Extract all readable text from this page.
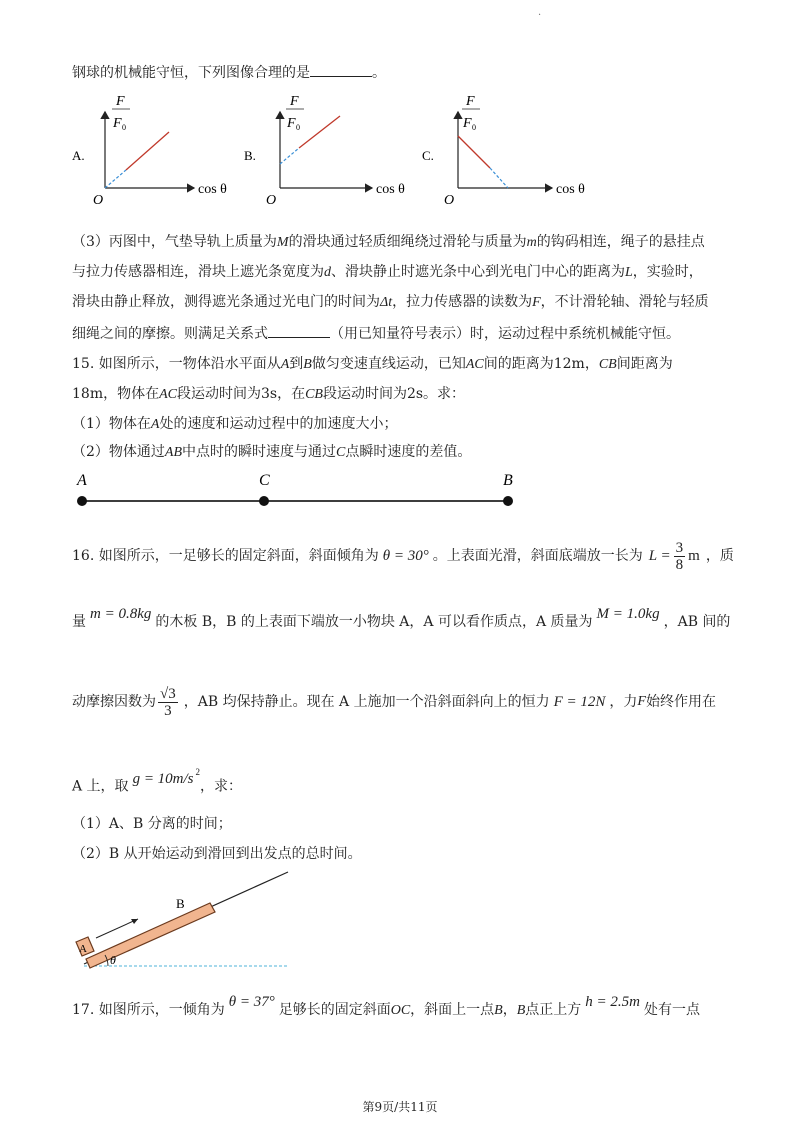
·
钢球的机械能守恒，下列图像合理的是	。
A.
F
F 0
O
cos θ
B.
F
F 0
O
cos θ
C.
F
F 0
O
cos θ
（3）丙图中，气垫导轨上质量为M的滑块通过轻质细绳绕过滑轮与质量为m的钩码相连，绳子的悬挂点
与拉力传感器相连，滑块上遮光条宽度为d、滑块静止时遮光条中心到光电门中心的距离为L，实验时，
滑块由静止释放，测得遮光条通过光电门的时间为Δt，拉力传感器的读数为F，不计滑轮轴、滑轮与轻质
细绳之间的摩擦。则满足关系式	（用已知量符号表示）时，运动过程中系统机械能守恒。
15. 如图所示，一物体沿水平面从A到B做匀变速直线运动，已知AC间的距离为12m，CB间距离为
18m，物体在AC段运动时间为3s，在CB段运动时间为2s。求：
（1）物体在A处的速度和运动过程中的加速度大小；
（2）物体通过AB中点时的瞬时速度与通过C点瞬时速度的差值。
A	C	B
16. 如图所示，一足够长的固定斜面，斜面倾角为 θ = 30° 。上表面光滑，斜面底端放一长为 $L = \frac{3}{8}$ m ，质
量 m = 0.8kg 的木板 B，B 的上表面下端放一小物块 A，A 可以看作质点，A 质量为 M = 1.0kg ，AB 间的
动摩擦因数为 $\frac{√3}{3}$ ，AB 均保持静止。现在 A 上施加一个沿斜面斜向上的恒力 F = 12N ，力 F 始终作用在
A 上，取 g = 10m/s $^2$，求：
（1）A、B 分离的时间；
（2）B 从开始运动到滑回到出发点的总时间。
B
A
θ
17. 如图所示，一倾角为 θ = 37° 足够长的固定斜面OC，斜面上一点B，B点正上方 h = 2.5m 处有一点
第9页/共11页
